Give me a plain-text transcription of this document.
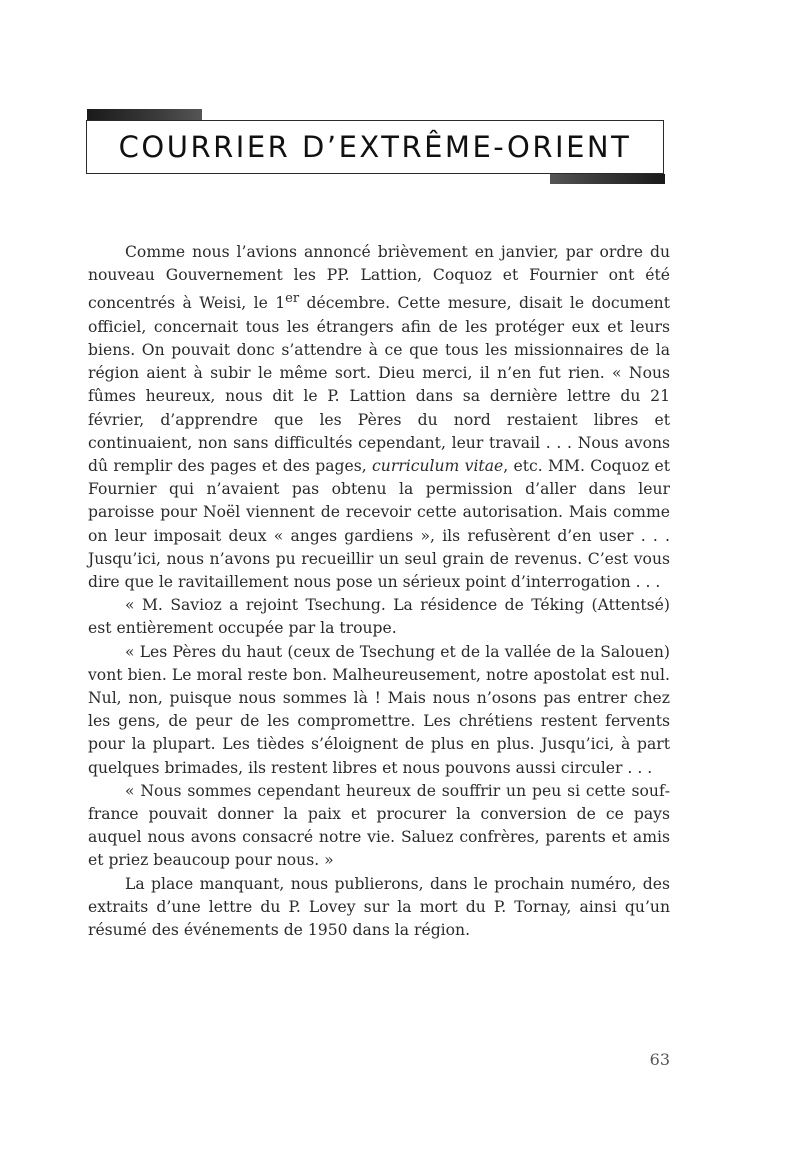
COURRIER D’EXTRÊME-ORIENT

Comme nous l’avions annoncé brièvement en janvier, par ordre du nouveau Gouvernement les PP. Lattion, Coquoz et Fournier ont été concentrés à Weisi, le 1er décembre. Cette mesure, disait le document officiel, concernait tous les étrangers afin de les protéger eux et leurs biens. On pouvait donc s’attendre à ce que tous les missionnaires de la région aient à subir le même sort. Dieu merci, il n’en fut rien. « Nous fûmes heureux, nous dit le P. Lattion dans sa dernière lettre du 21 février, d’apprendre que les Pères du nord restaient libres et continuaient, non sans difficultés cependant, leur travail . . . Nous avons dû remplir des pages et des pages, curriculum vitae, etc. MM. Coquoz et Fournier qui n’avaient pas obtenu la permission d’aller dans leur paroisse pour Noël viennent de recevoir cette autorisation. Mais comme on leur imposait deux « anges gardiens », ils refusèrent d’en user . . . Jusqu’ici, nous n’avons pu recueillir un seul grain de revenus. C’est vous dire que le ravitaillement nous pose un sérieux point d’interrogation . . .

« M. Savioz a rejoint Tsechung. La résidence de Téking (Attentsé) est entièrement occupée par la troupe.

« Les Pères du haut (ceux de Tsechung et de la vallée de la Salouen) vont bien. Le moral reste bon. Malheureusement, notre apostolat est nul. Nul, non, puisque nous sommes là ! Mais nous n’osons pas entrer chez les gens, de peur de les compromettre. Les chrétiens restent fervents pour la plupart. Les tièdes s’éloignent de plus en plus. Jusqu’ici, à part quelques brimades, ils restent libres et nous pouvons aussi circuler . . .

« Nous sommes cependant heureux de souffrir un peu si cette souffrance pouvait donner la paix et procurer la conversion de ce pays auquel nous avons consacré notre vie. Saluez confrères, parents et amis et priez beaucoup pour nous. »

La place manquant, nous publierons, dans le prochain numéro, des extraits d’une lettre du P. Lovey sur la mort du P. Tornay, ainsi qu’un résumé des événements de 1950 dans la région.

63
